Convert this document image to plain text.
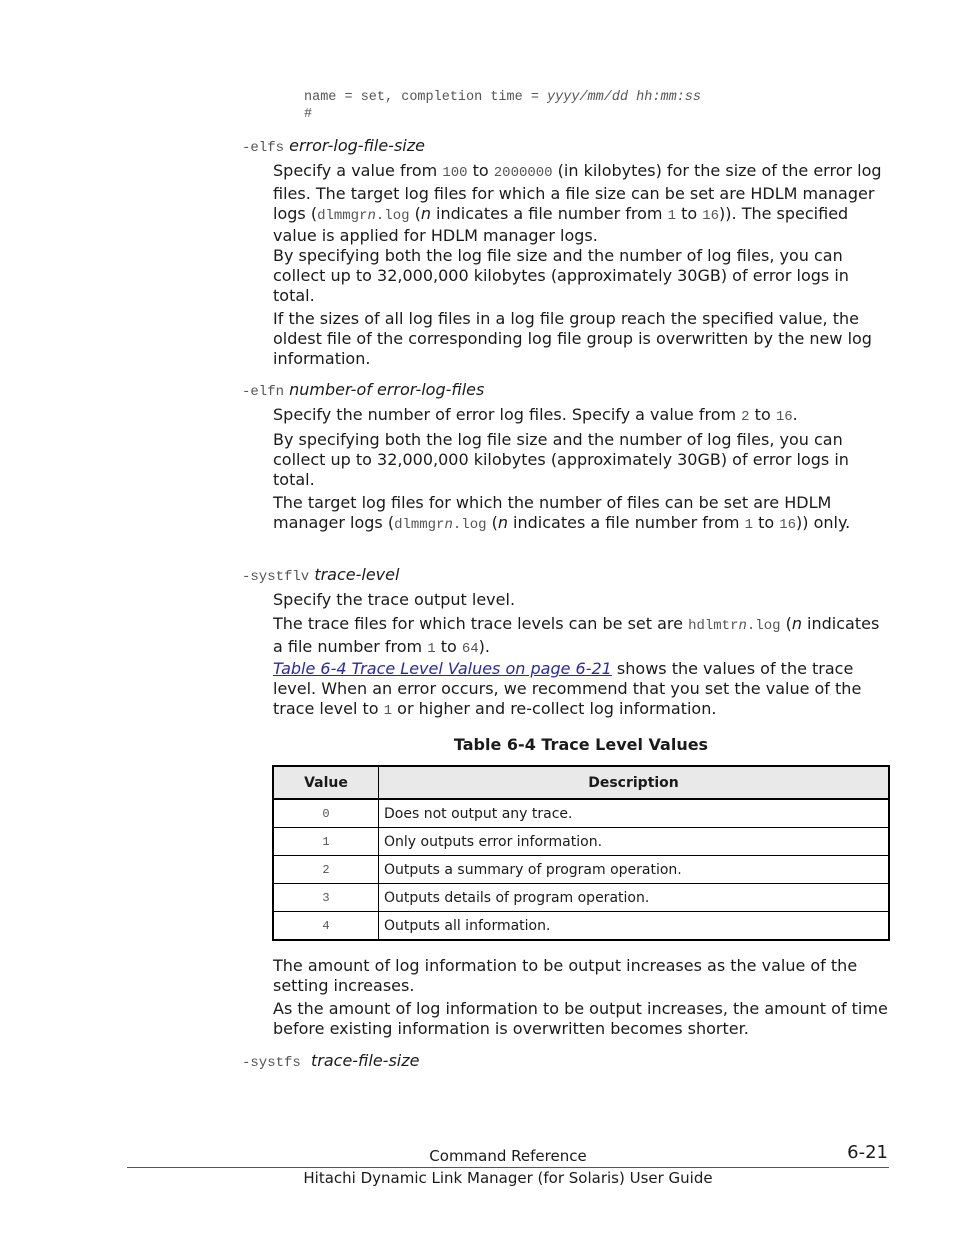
name = set, completion time = yyyy/mm/dd hh:mm:ss
#
-elfs error-log-file-size
Specify a value from 100 to 2000000 (in kilobytes) for the size of the error log files. The target log files for which a file size can be set are HDLM manager logs (dlmmgrn.log (n indicates a file number from 1 to 16)). The specified value is applied for HDLM manager logs.
By specifying both the log file size and the number of log files, you can collect up to 32,000,000 kilobytes (approximately 30GB) of error logs in total.
If the sizes of all log files in a log file group reach the specified value, the oldest file of the corresponding log file group is overwritten by the new log information.
-elfn number-of error-log-files
Specify the number of error log files. Specify a value from 2 to 16.
By specifying both the log file size and the number of log files, you can collect up to 32,000,000 kilobytes (approximately 30GB) of error logs in total.
The target log files for which the number of files can be set are HDLM manager logs (dlmmgrn.log (n indicates a file number from 1 to 16)) only.
-systflv trace-level
Specify the trace output level.
The trace files for which trace levels can be set are hdlmtrn.log (n indicates a file number from 1 to 64).
Table 6-4 Trace Level Values on page 6-21 shows the values of the trace level. When an error occurs, we recommend that you set the value of the trace level to 1 or higher and re-collect log information.
Table 6-4 Trace Level Values
Value	Description
0	Does not output any trace.
1	Only outputs error information.
2	Outputs a summary of program operation.
3	Outputs details of program operation.
4	Outputs all information.
The amount of log information to be output increases as the value of the setting increases.
As the amount of log information to be output increases, the amount of time before existing information is overwritten becomes shorter.
-systfs trace-file-size
Command Reference	6-21
Hitachi Dynamic Link Manager (for Solaris) User Guide
